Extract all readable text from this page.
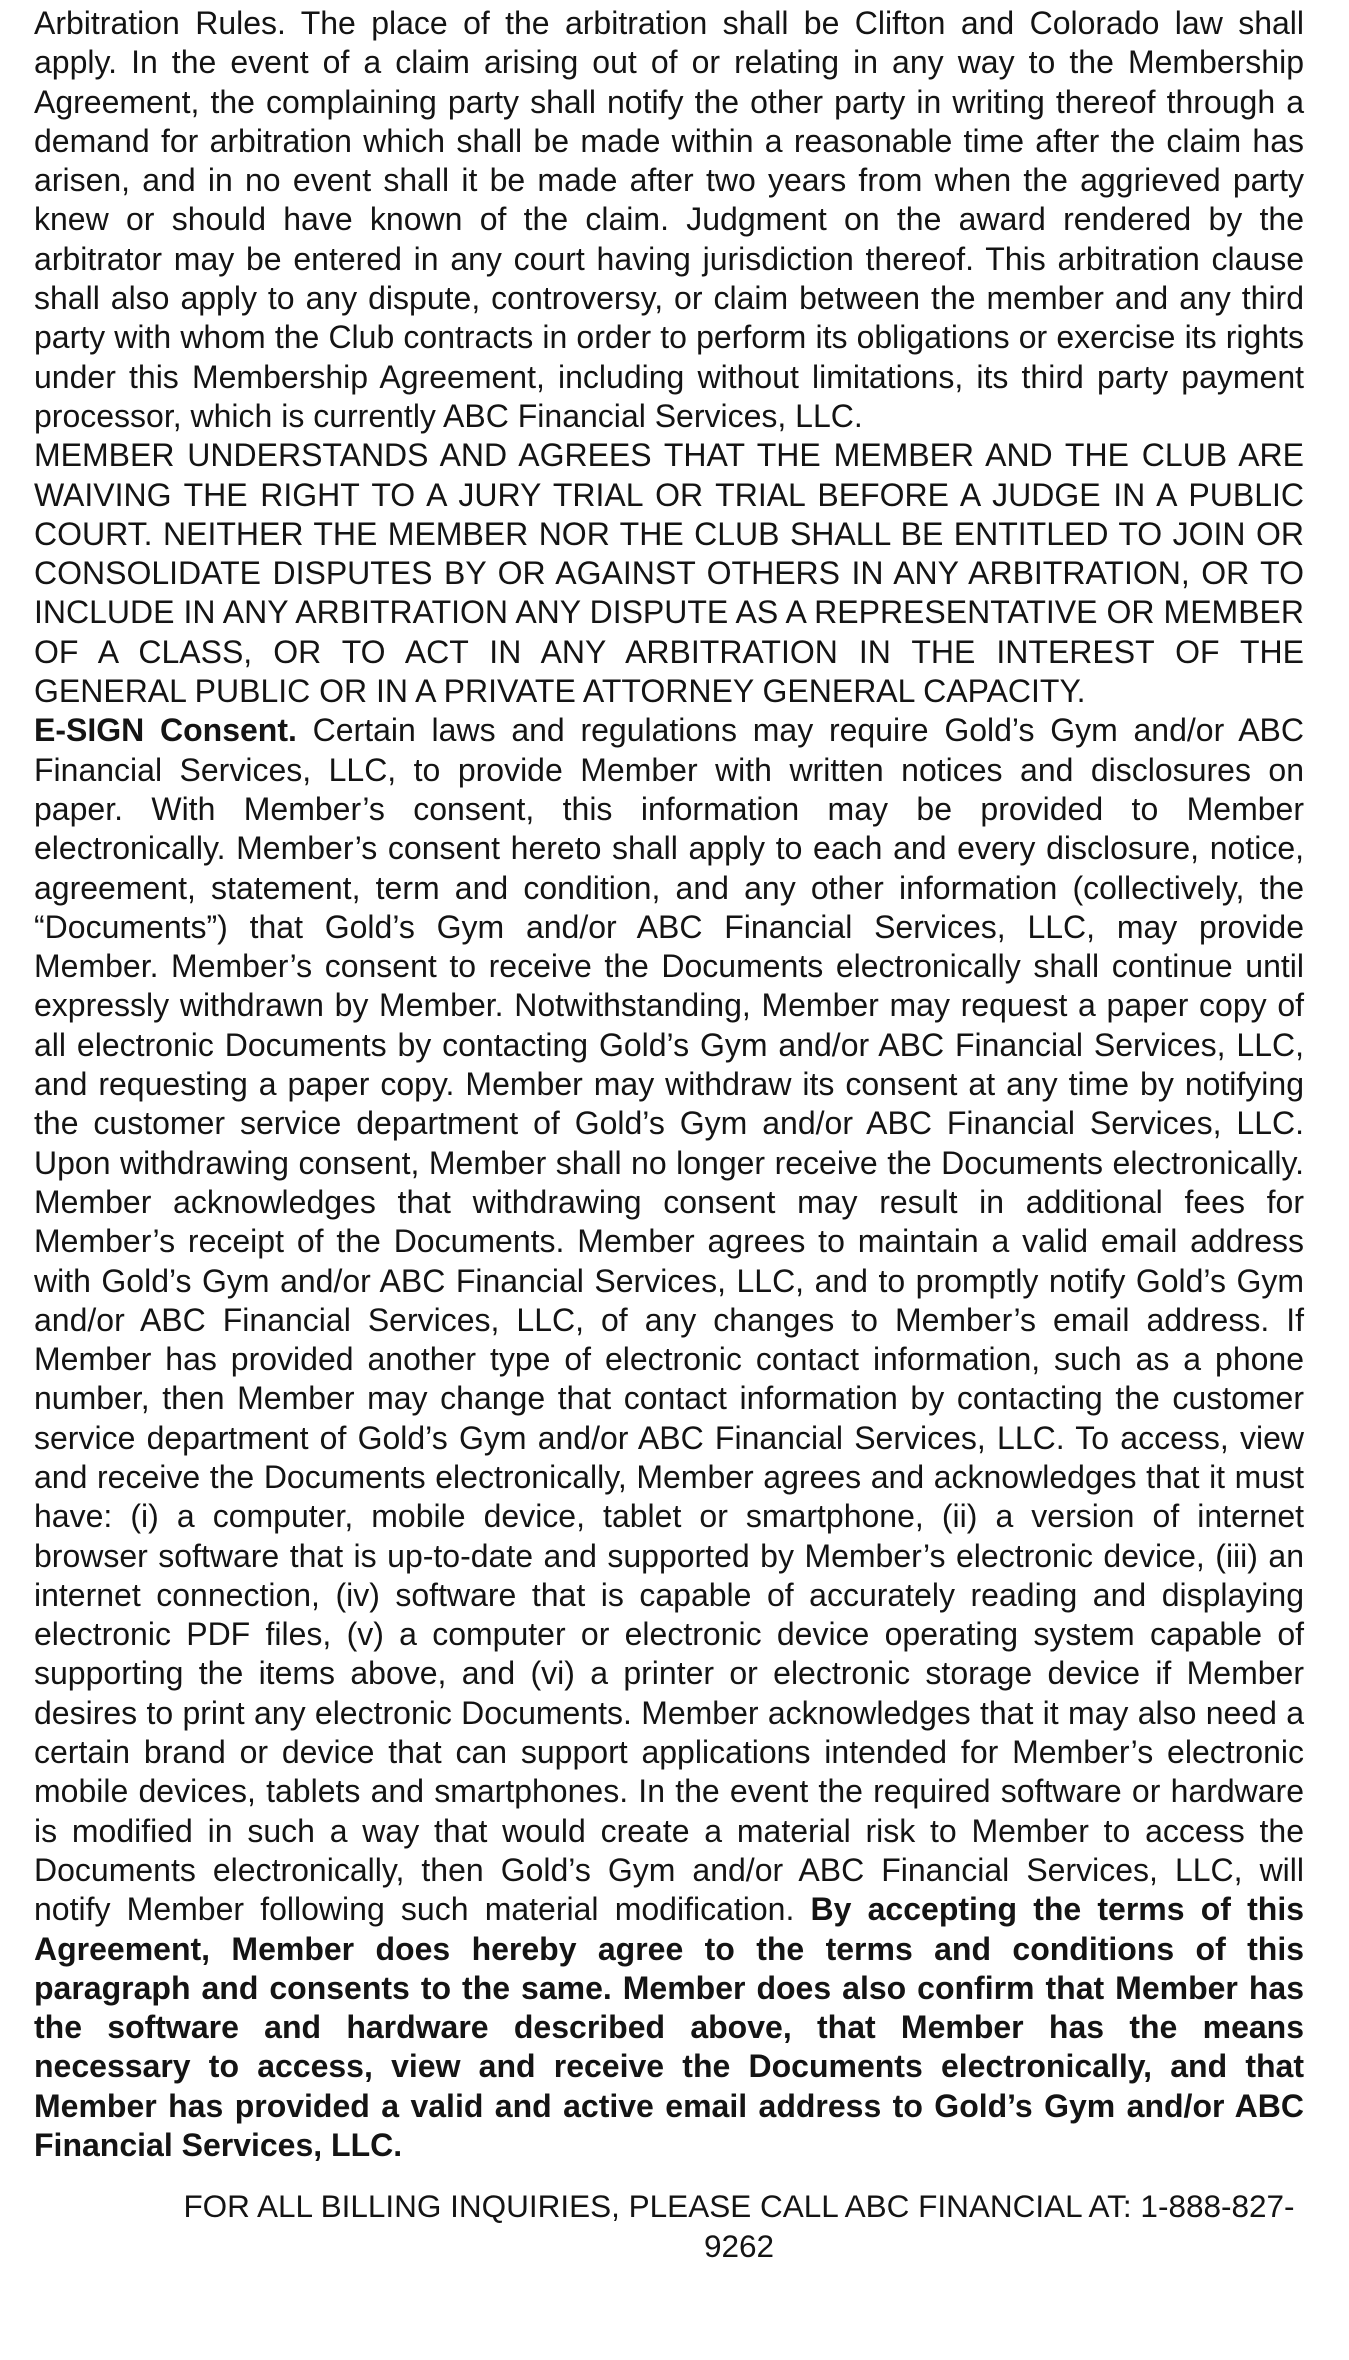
Arbitration Rules. The place of the arbitration shall be Clifton and Colorado law shall apply. In the event of a claim arising out of or relating in any way to the Membership Agreement, the complaining party shall notify the other party in writing thereof through a demand for arbitration which shall be made within a reasonable time after the claim has arisen, and in no event shall it be made after two years from when the aggrieved party knew or should have known of the claim. Judgment on the award rendered by the arbitrator may be entered in any court having jurisdiction thereof. This arbitration clause shall also apply to any dispute, controversy, or claim between the member and any third party with whom the Club contracts in order to perform its obligations or exercise its rights under this Membership Agreement, including without limitations, its third party payment processor, which is currently ABC Financial Services, LLC.

MEMBER UNDERSTANDS AND AGREES THAT THE MEMBER AND THE CLUB ARE WAIVING THE RIGHT TO A JURY TRIAL OR TRIAL BEFORE A JUDGE IN A PUBLIC COURT. NEITHER THE MEMBER NOR THE CLUB SHALL BE ENTITLED TO JOIN OR CONSOLIDATE DISPUTES BY OR AGAINST OTHERS IN ANY ARBITRATION, OR TO INCLUDE IN ANY ARBITRATION ANY DISPUTE AS A REPRESENTATIVE OR MEMBER OF A CLASS, OR TO ACT IN ANY ARBITRATION IN THE INTEREST OF THE GENERAL PUBLIC OR IN A PRIVATE ATTORNEY GENERAL CAPACITY.

E-SIGN Consent. Certain laws and regulations may require Gold’s Gym and/or ABC Financial Services, LLC, to provide Member with written notices and disclosures on paper. With Member’s consent, this information may be provided to Member electronically. Member’s consent hereto shall apply to each and every disclosure, notice, agreement, statement, term and condition, and any other information (collectively, the “Documents”) that Gold’s Gym and/or ABC Financial Services, LLC, may provide Member. Member’s consent to receive the Documents electronically shall continue until expressly withdrawn by Member. Notwithstanding, Member may request a paper copy of all electronic Documents by contacting Gold’s Gym and/or ABC Financial Services, LLC, and requesting a paper copy. Member may withdraw its consent at any time by notifying the customer service department of Gold’s Gym and/or ABC Financial Services, LLC. Upon withdrawing consent, Member shall no longer receive the Documents electronically. Member acknowledges that withdrawing consent may result in additional fees for Member’s receipt of the Documents. Member agrees to maintain a valid email address with Gold’s Gym and/or ABC Financial Services, LLC, and to promptly notify Gold’s Gym and/or ABC Financial Services, LLC, of any changes to Member’s email address. If Member has provided another type of electronic contact information, such as a phone number, then Member may change that contact information by contacting the customer service department of Gold’s Gym and/or ABC Financial Services, LLC. To access, view and receive the Documents electronically, Member agrees and acknowledges that it must have: (i) a computer, mobile device, tablet or smartphone, (ii) a version of internet browser software that is up-to-date and supported by Member’s electronic device, (iii) an internet connection, (iv) software that is capable of accurately reading and displaying electronic PDF files, (v) a computer or electronic device operating system capable of supporting the items above, and (vi) a printer or electronic storage device if Member desires to print any electronic Documents. Member acknowledges that it may also need a certain brand or device that can support applications intended for Member’s electronic mobile devices, tablets and smartphones. In the event the required software or hardware is modified in such a way that would create a material risk to Member to access the Documents electronically, then Gold’s Gym and/or ABC Financial Services, LLC, will notify Member following such material modification. By accepting the terms of this Agreement, Member does hereby agree to the terms and conditions of this paragraph and consents to the same. Member does also confirm that Member has the software and hardware described above, that Member has the means necessary to access, view and receive the Documents electronically, and that Member has provided a valid and active email address to Gold’s Gym and/or ABC Financial Services, LLC.

FOR ALL BILLING INQUIRIES, PLEASE CALL ABC FINANCIAL AT: 1-888-827-9262
